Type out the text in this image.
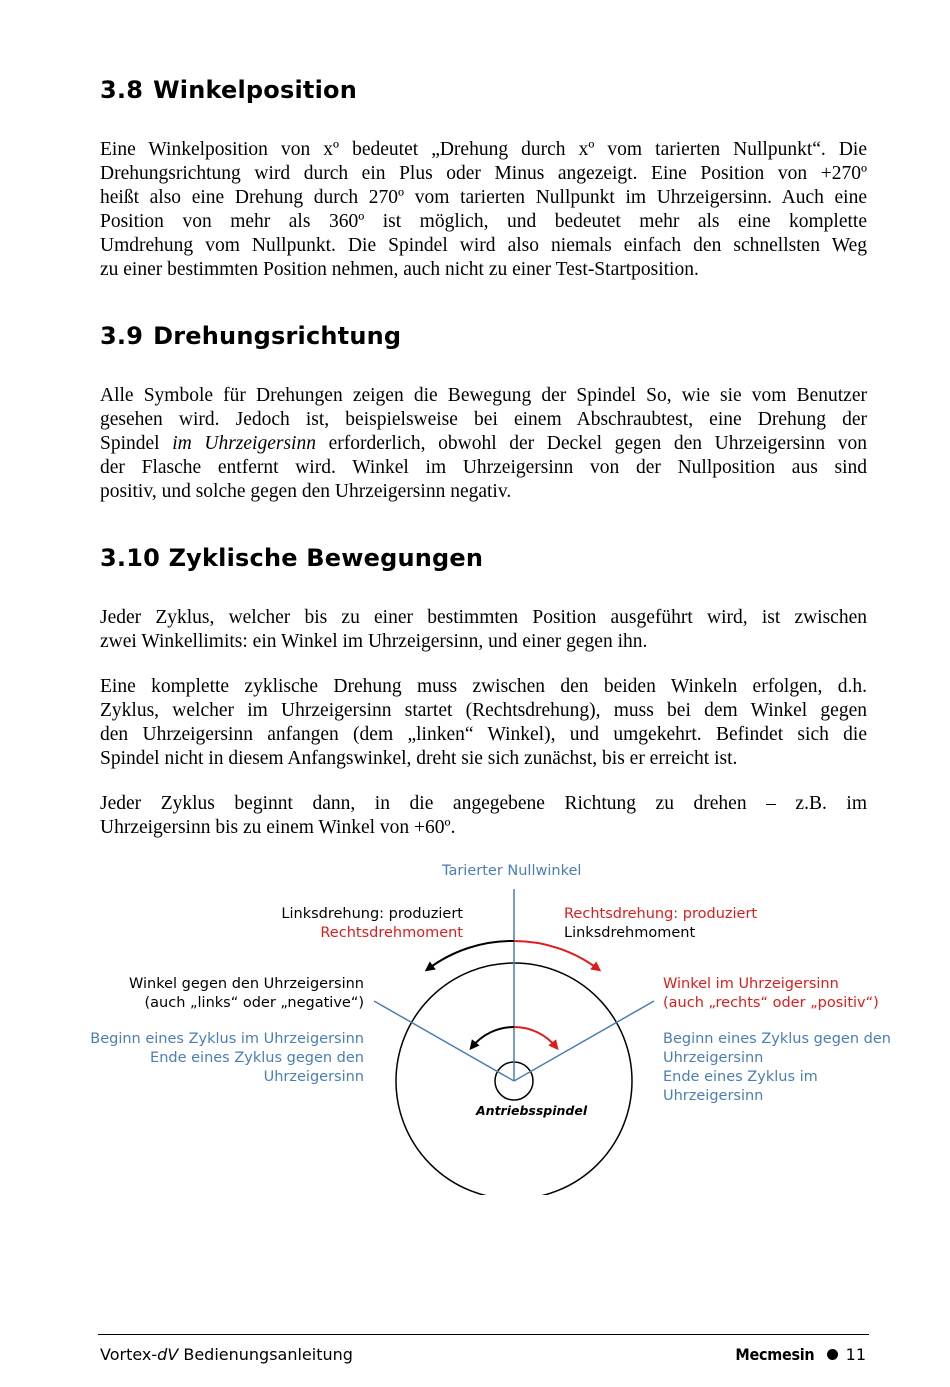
3.8 Winkelposition

Eine Winkelposition von xº bedeutet „Drehung durch xº vom tarierten Nullpunkt“. Die
Drehungsrichtung wird durch ein Plus oder Minus angezeigt. Eine Position von +270º
heißt also eine Drehung durch 270º vom tarierten Nullpunkt im Uhrzeigersinn. Auch eine
Position von mehr als 360º ist möglich, und bedeutet mehr als eine komplette
Umdrehung vom Nullpunkt. Die Spindel wird also niemals einfach den schnellsten Weg
zu einer bestimmten Position nehmen, auch nicht zu einer Test-Startposition.

3.9 Drehungsrichtung

Alle Symbole für Drehungen zeigen die Bewegung der Spindel So, wie sie vom Benutzer
gesehen wird. Jedoch ist, beispielsweise bei einem Abschraubtest, eine Drehung der
Spindel im Uhrzeigersinn erforderlich, obwohl der Deckel gegen den Uhrzeigersinn von
der Flasche entfernt wird. Winkel im Uhrzeigersinn von der Nullposition aus sind
positiv, und solche gegen den Uhrzeigersinn negativ.

3.10 Zyklische Bewegungen

Jeder Zyklus, welcher bis zu einer bestimmten Position ausgeführt wird, ist zwischen
zwei Winkellimits: ein Winkel im Uhrzeigersinn, und einer gegen ihn.

Eine komplette zyklische Drehung muss zwischen den beiden Winkeln erfolgen, d.h.
Zyklus, welcher im Uhrzeigersinn startet (Rechtsdrehung), muss bei dem Winkel gegen
den Uhrzeigersinn anfangen (dem „linken“ Winkel), und umgekehrt. Befindet sich die
Spindel nicht in diesem Anfangswinkel, dreht sie sich zunächst, bis er erreicht ist.

Jeder Zyklus beginnt dann, in die angegebene Richtung zu drehen – z.B. im
Uhrzeigersinn bis zu einem Winkel von +60º.

Tarierter Nullwinkel
Linksdrehung: produziert
Rechtsdrehmoment
Rechtsdrehung: produziert
Linksdrehmoment
Winkel gegen den Uhrzeigersinn
(auch „links“ oder „negative“)
Winkel im Uhrzeigersinn
(auch „rechts“ oder „positiv“)
Beginn eines Zyklus im Uhrzeigersinn
Ende eines Zyklus gegen den
Uhrzeigersinn
Beginn eines Zyklus gegen den
Uhrzeigersinn
Ende eines Zyklus im
Uhrzeigersinn
Antriebsspindel
Vortex-dV Bedienungsanleitung	Mecmesin 11
